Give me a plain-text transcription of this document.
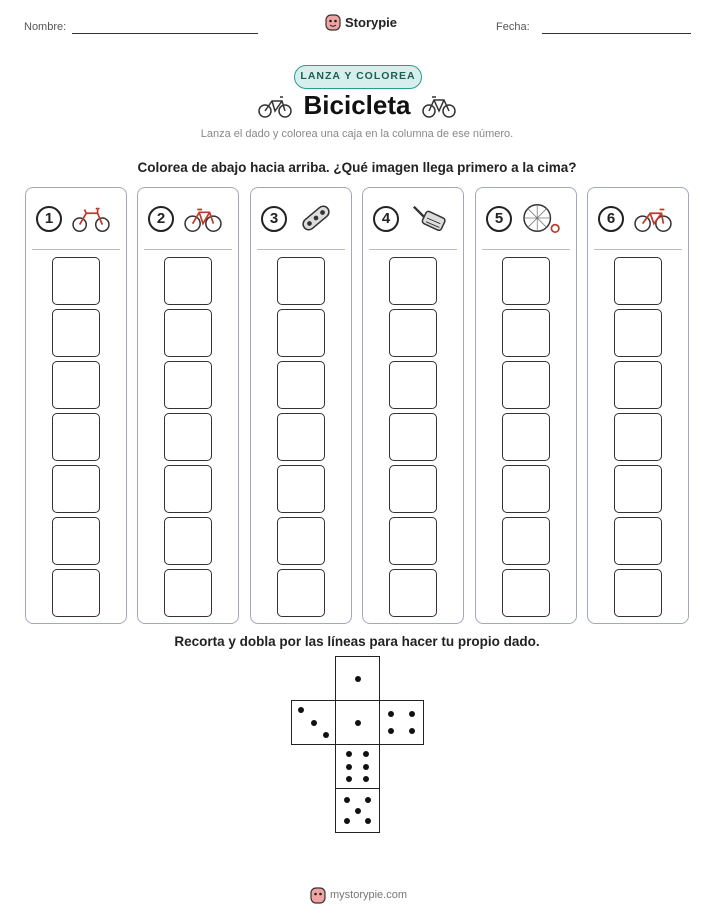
Nombre:	Storypie	Fecha:
LANZA Y COLOREA
Bicicleta
Lanza el dado y colorea una caja en la columna de ese número.
Colorea de abajo hacia arriba. ¿Qué imagen llega primero a la cima?
1	2	3	4	5	6
Recorta y dobla por las líneas para hacer tu propio dado.
mystorypie.com
